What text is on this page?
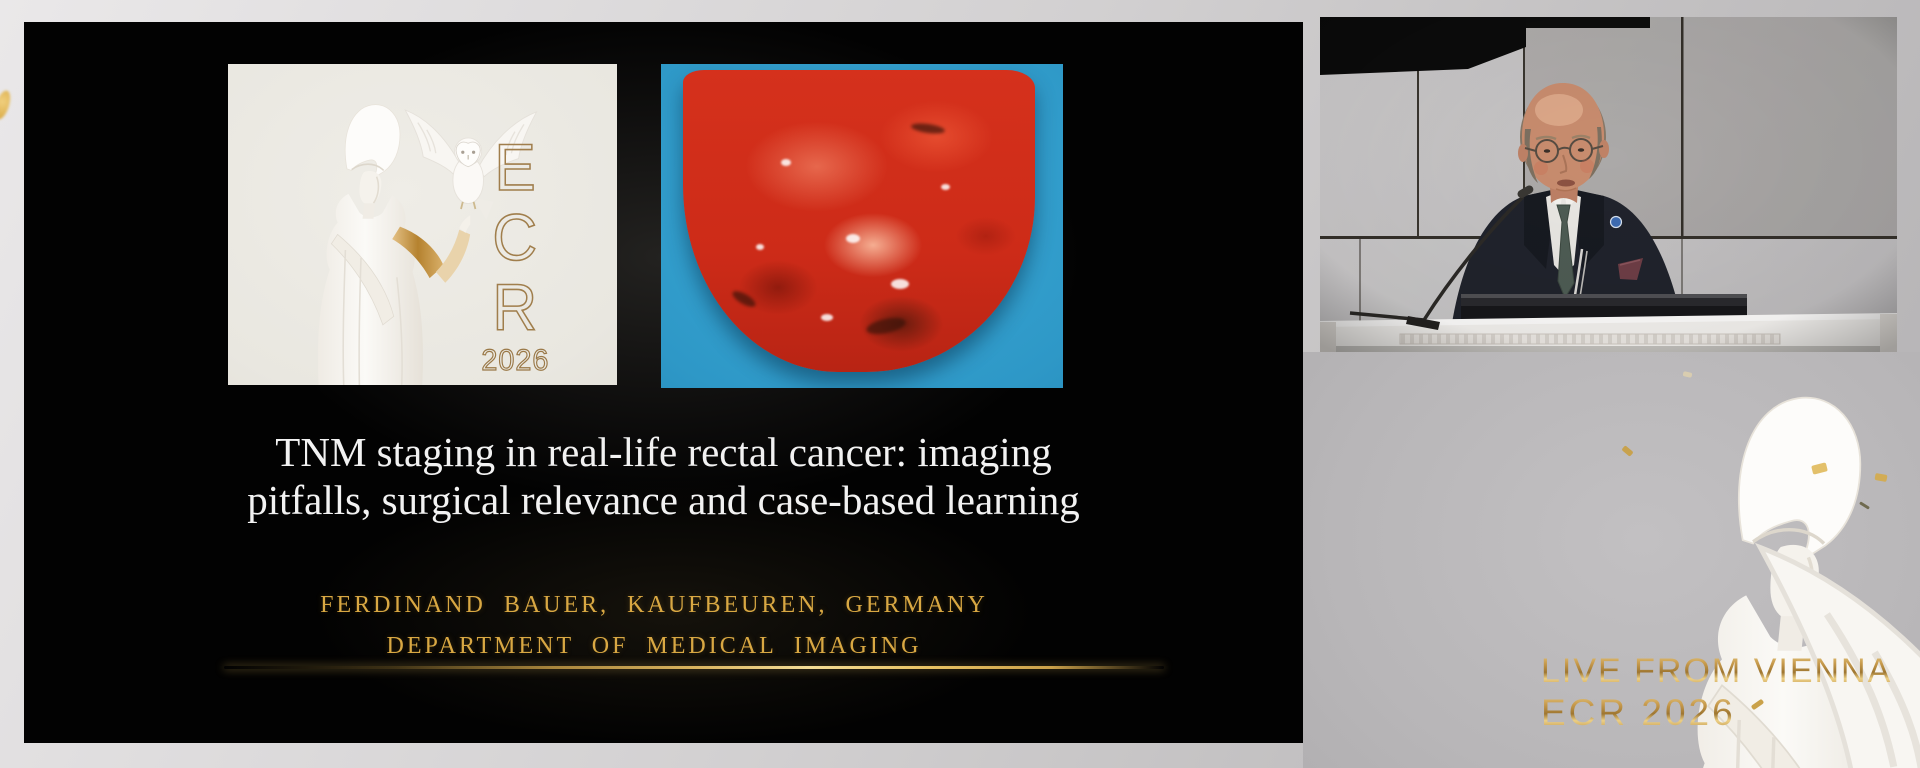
E
C
R
2026
TNM staging in real-life rectal cancer: imaging
pitfalls, surgical relevance and case-based learning
FERDINAND BAUER, KAUFBEUREN, GERMANY
DEPARTMENT OF MEDICAL IMAGING
LIVE FROM VIENNA
ECR 2026
